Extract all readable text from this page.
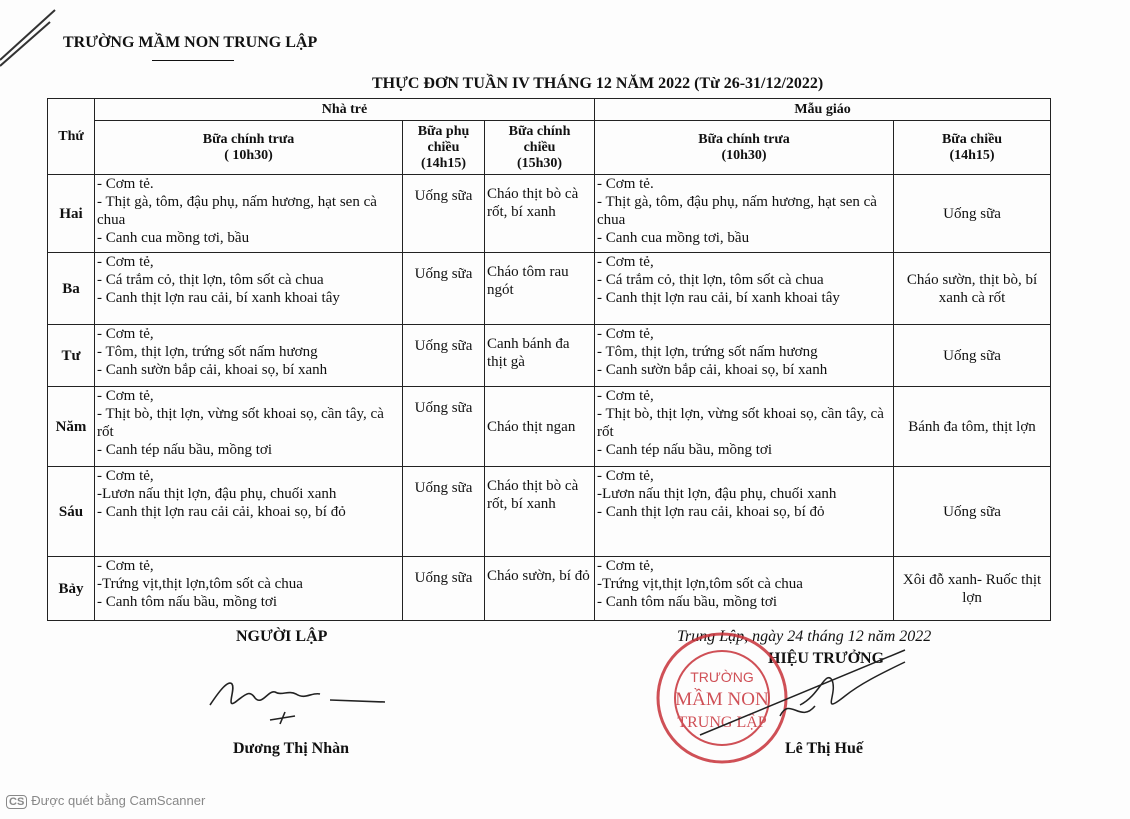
TRƯỜNG MẦM NON TRUNG LẬP
THỰC ĐƠN TUẦN IV THÁNG 12 NĂM 2022 (Từ 26-31/12/2022)
Thứ	Nhà trẻ			Mẫu giáo	

	Bữa chính trưa
( 10h30)	Bữa phụ
chiều
(14h15)	Bữa chính
chiều
(15h30)	Bữa chính trưa
(10h30)	Bữa chiều
(14h15)

Hai	- Cơm tẻ.
- Thịt gà, tôm, đậu phụ, nấm hương, hạt sen cà chua
- Canh cua mồng tơi, bầu	Uống sữa	Cháo thịt bò cà rốt, bí xanh	- Cơm tẻ.
- Thịt gà, tôm, đậu phụ, nấm hương, hạt sen cà chua
- Canh cua mồng tơi, bầu	Uống sữa
Ba	- Cơm tẻ,
- Cá trắm cỏ, thịt lợn, tôm sốt cà chua
- Canh thịt lợn rau cải, bí xanh khoai tây	Uống sữa	Cháo tôm rau ngót	- Cơm tẻ,
- Cá trắm cỏ, thịt lợn, tôm sốt cà chua
- Canh thịt lợn rau cải, bí xanh khoai tây	Cháo sườn, thịt bò, bí xanh cà rốt
Tư	- Cơm tẻ,
- Tôm, thịt lợn, trứng sốt nấm hương
- Canh sườn bắp cải, khoai sọ, bí xanh	Uống sữa	Canh bánh đa thịt gà	- Cơm tẻ,
- Tôm, thịt lợn, trứng sốt nấm hương
- Canh sườn bắp cải, khoai sọ, bí xanh	Uống sữa
Năm	- Cơm tẻ,
- Thịt bò, thịt lợn, vừng sốt khoai sọ, cần tây, cà rốt
- Canh tép nấu bầu, mồng tơi	Uống sữa	Cháo thịt ngan	- Cơm tẻ,
- Thịt bò, thịt lợn, vừng sốt khoai sọ, cần tây, cà rốt
- Canh tép nấu bầu, mồng tơi	Bánh đa tôm, thịt lợn
Sáu	- Cơm tẻ,
-Lươn nấu thịt lợn, đậu phụ, chuối xanh
- Canh thịt lợn rau cải cải, khoai sọ, bí đỏ	Uống sữa	Cháo thịt bò cà rốt, bí xanh	- Cơm tẻ,
-Lươn nấu thịt lợn, đậu phụ, chuối xanh
- Canh thịt lợn rau cải, khoai sọ, bí đỏ	Uống sữa
Bảy	- Cơm tẻ,
-Trứng vịt,thịt lợn,tôm sốt cà chua
- Canh tôm nấu bầu, mồng tơi	Uống sữa	Cháo sườn, bí đỏ	- Cơm tẻ,
-Trứng vịt,thịt lợn,tôm sốt cà chua
- Canh tôm nấu bầu, mồng tơi	Xôi đỗ xanh- Ruốc thịt lợn
NGƯỜI LẬP
Dương Thị Nhàn
Trung Lập, ngày 24 tháng 12 năm 2022
HIỆU TRƯỞNG
Lê Thị Huế
TRƯỜNG
MẦM NON
TRUNG LẬP
CS Được quét bằng CamScanner
